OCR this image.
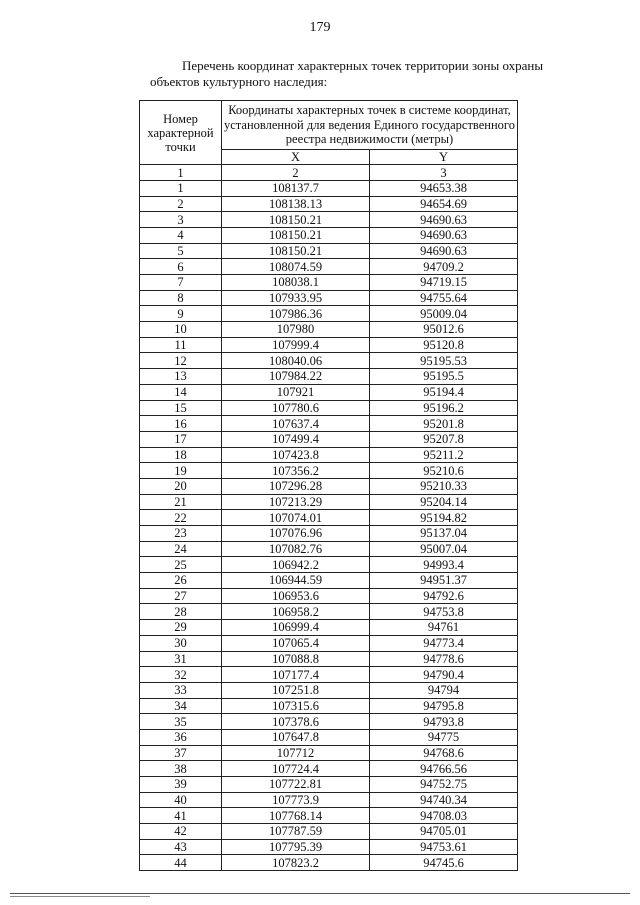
179
Перечень координат характерных точек территории зоны охраны
объектов культурного наследия:
Номер характерной точки	Координаты характерных точек в системе координат, установленной для ведения Единого государственного реестра недвижимости (метры)	
	X	Y
1	2	3
1	108137.7	94653.38
2	108138.13	94654.69
3	108150.21	94690.63
4	108150.21	94690.63
5	108150.21	94690.63
6	108074.59	94709.2
7	108038.1	94719.15
8	107933.95	94755.64
9	107986.36	95009.04
10	107980	95012.6
11	107999.4	95120.8
12	108040.06	95195.53
13	107984.22	95195.5
14	107921	95194.4
15	107780.6	95196.2
16	107637.4	95201.8
17	107499.4	95207.8
18	107423.8	95211.2
19	107356.2	95210.6
20	107296.28	95210.33
21	107213.29	95204.14
22	107074.01	95194.82
23	107076.96	95137.04
24	107082.76	95007.04
25	106942.2	94993.4
26	106944.59	94951.37
27	106953.6	94792.6
28	106958.2	94753.8
29	106999.4	94761
30	107065.4	94773.4
31	107088.8	94778.6
32	107177.4	94790.4
33	107251.8	94794
34	107315.6	94795.8
35	107378.6	94793.8
36	107647.8	94775
37	107712	94768.6
38	107724.4	94766.56
39	107722.81	94752.75
40	107773.9	94740.34
41	107768.14	94708.03
42	107787.59	94705.01
43	107795.39	94753.61
44	107823.2	94745.6
